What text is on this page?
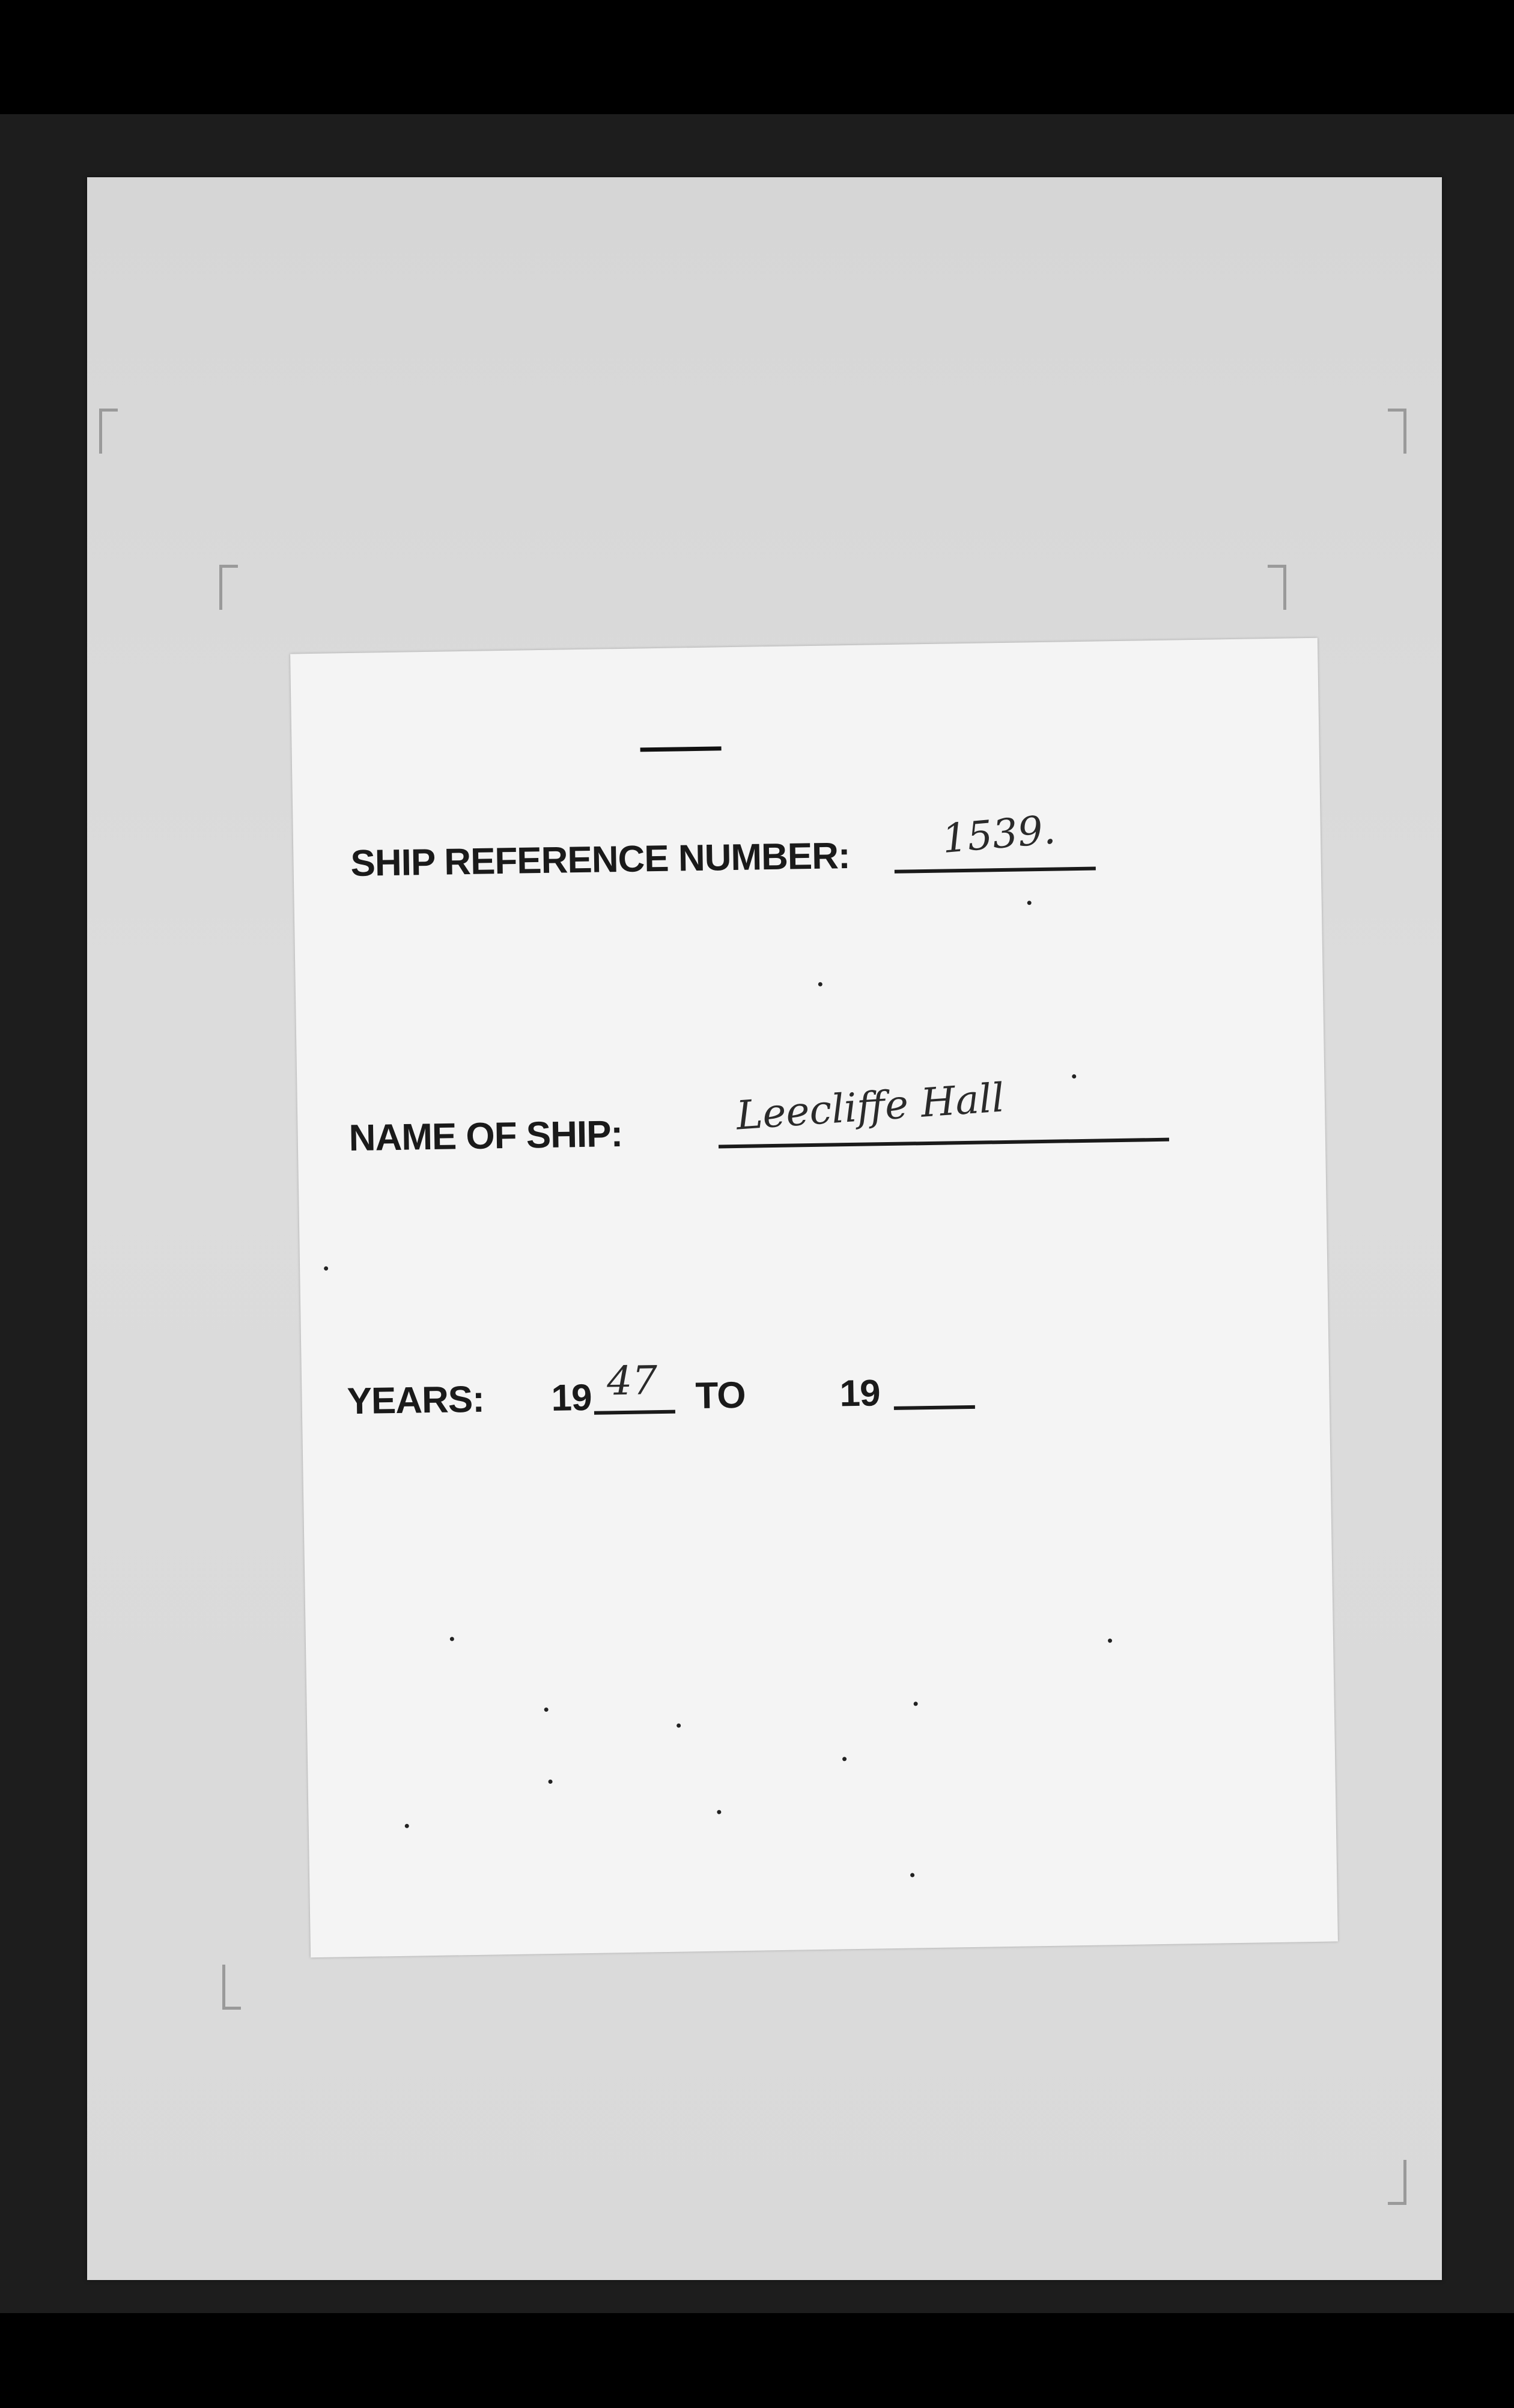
SHIP REFERENCE NUMBER: 1539.
NAME OF SHIP:	Leecliffe Hall
YEARS: 19 47 TO	19
